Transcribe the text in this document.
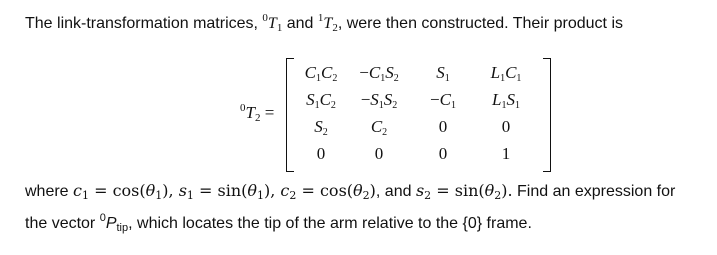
The link-transformation matrices, $^0T_1$ and $^1T_2$, were then constructed. Their product is
$^0T_2$ =
$C_1C_2$	$-C_1S_2$	$S_1$	$L_1C_1$
$S_1C_2$	$-S_1S_2$	$-C_1$	$L_1S_1$
$S_2$	$C_2$	0	0
0	0	0	1
where $c_1 = \cos(\theta_1)$, $s_1 = \sin(\theta_1)$, $c_2 = \cos(\theta_2)$, and $s_2 = \sin(\theta_2)$. Find an expression for
the vector $^0P_{tip}$, which locates the tip of the arm relative to the {0} frame.
